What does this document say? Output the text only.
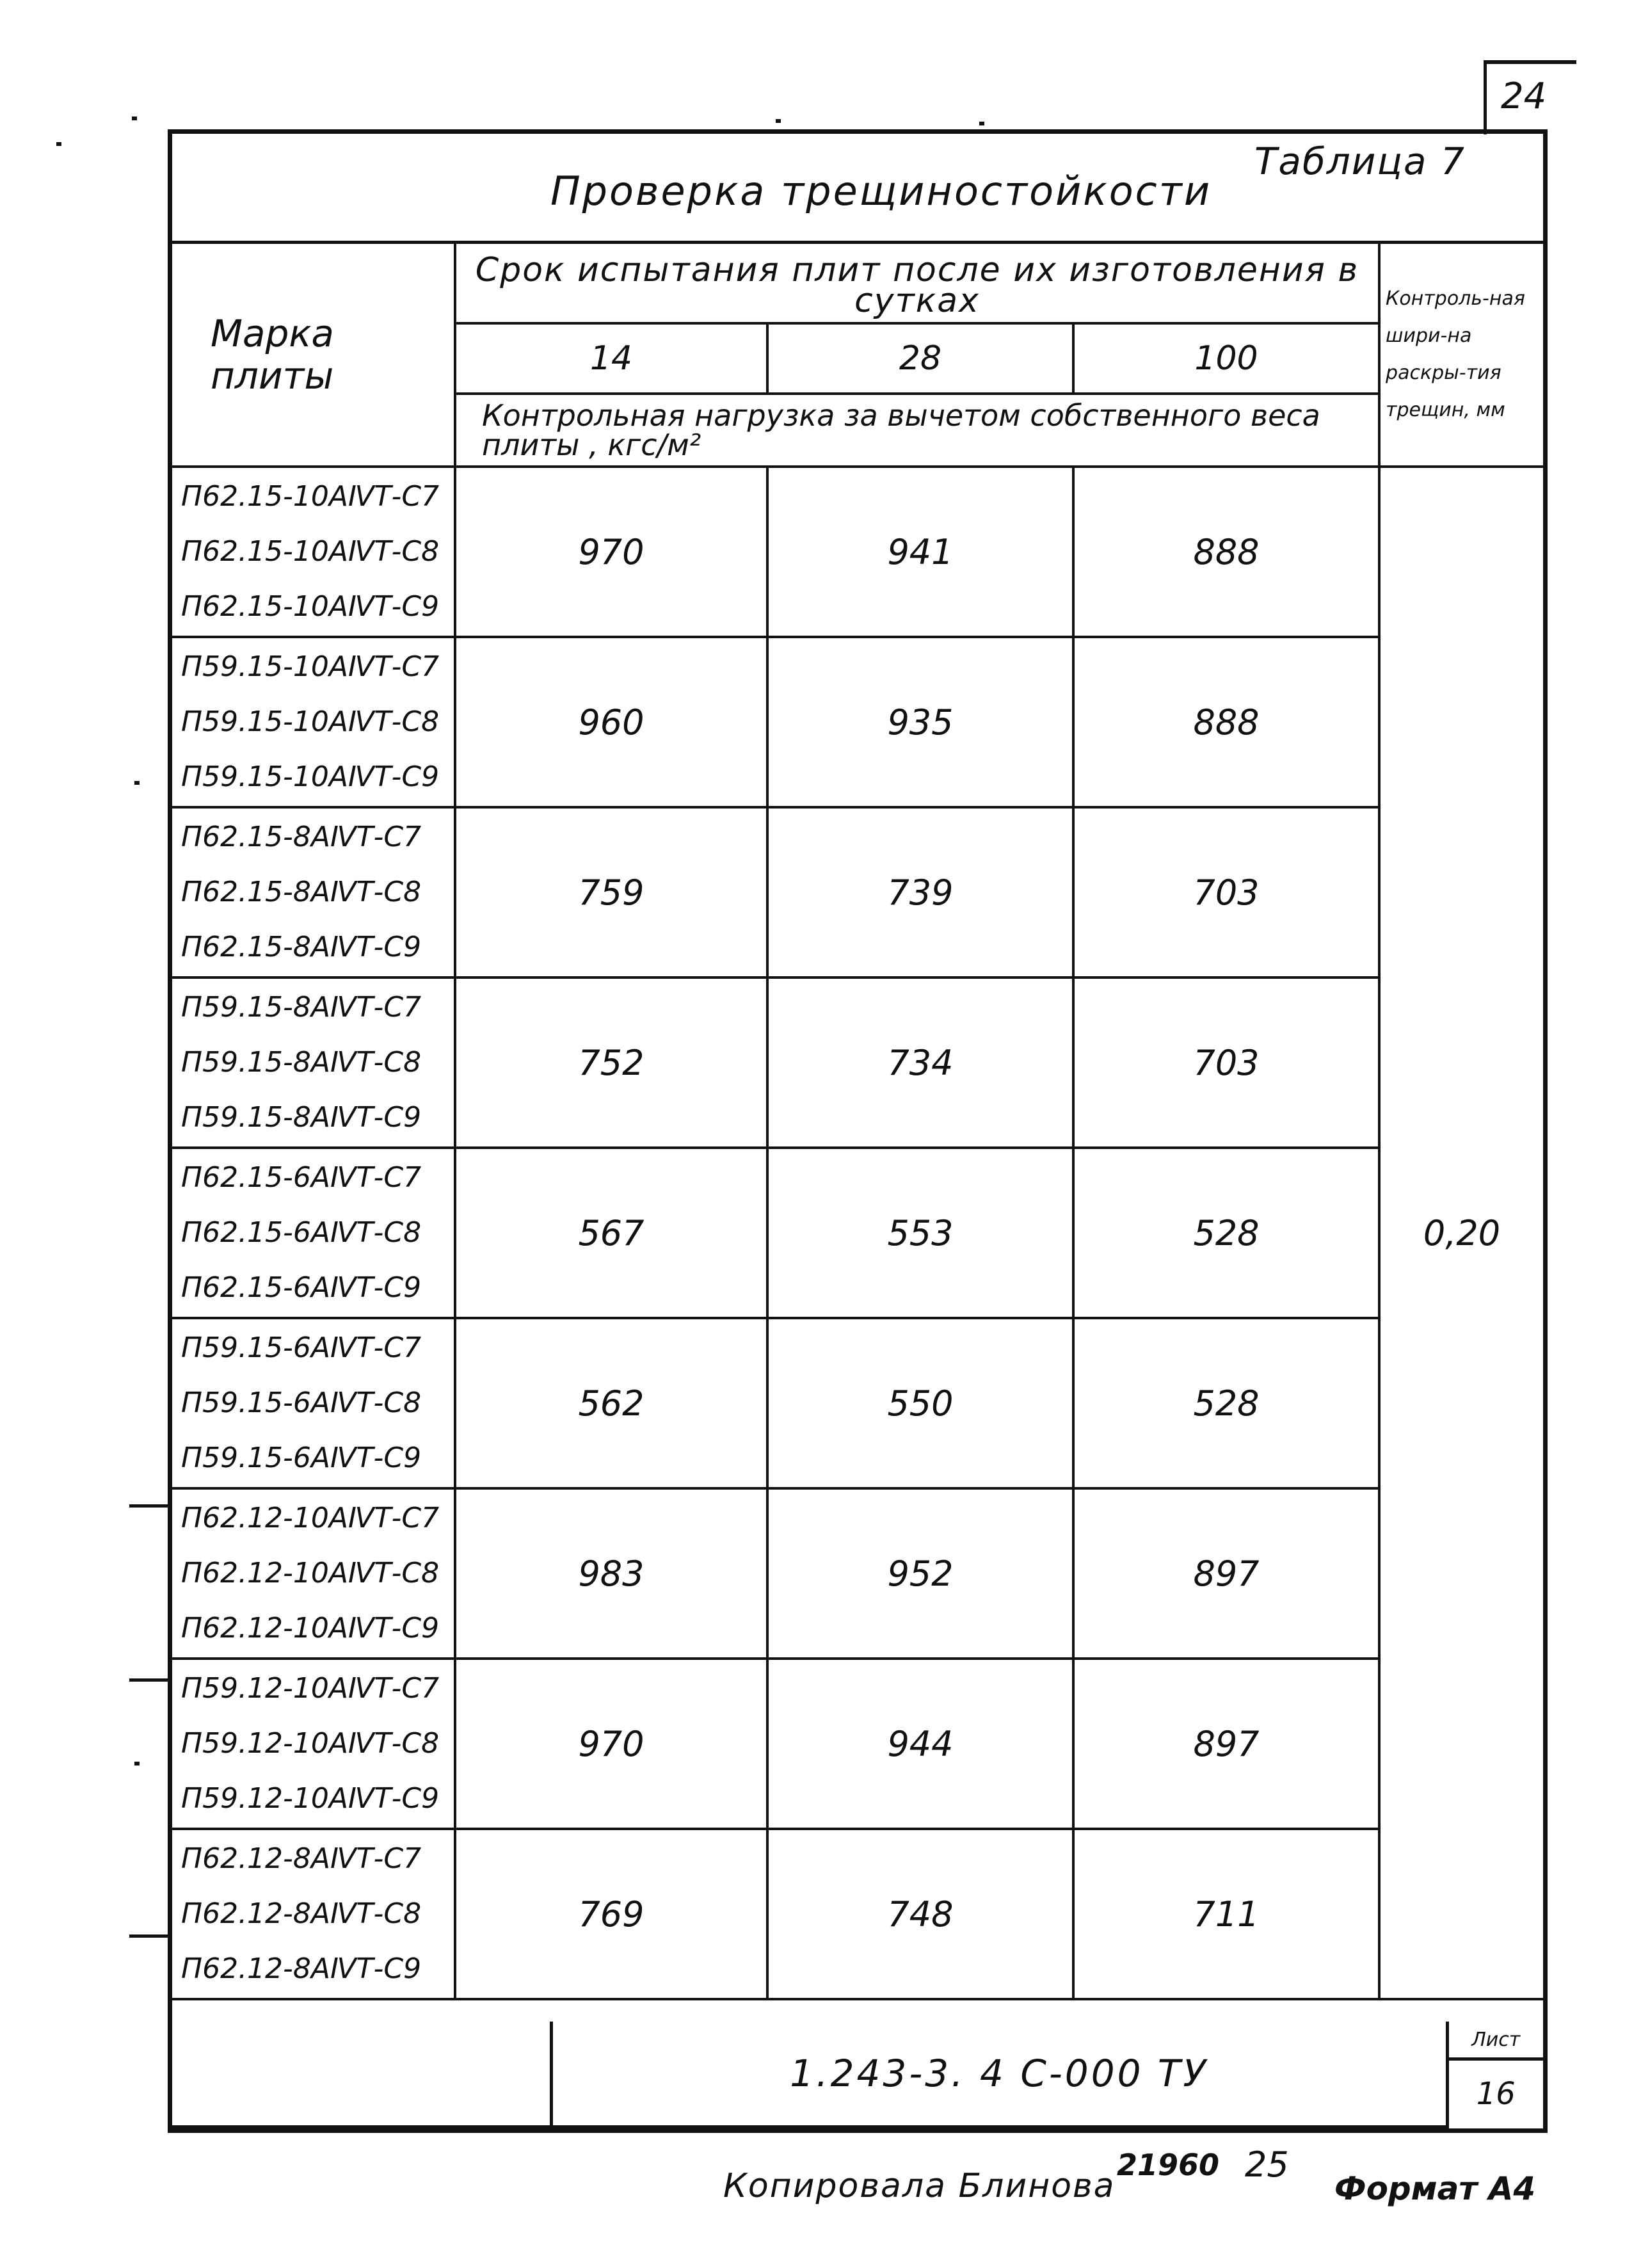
24
Проверка трещиностойкости
Таблица 7
Марка плиты	Срок испытания плит после их изготовления в сутках			Контроль-ная шири-на раскры-тия трещин, мм
	14	28	100	
	Контрольная нагрузка за вычетом собственного веса плиты , кгс/м²			

П62.15-10АⅣТ-С7
П62.15-10АⅣТ-С8
П62.15-10АⅣТ-С9	970	941	888	0,20

П59.15-10АⅣТ-С7
П59.15-10АⅣТ-С8
П59.15-10АⅣТ-С9	960	935	888	

П62.15-8АⅣТ-С7
П62.15-8АⅣТ-С8
П62.15-8АⅣТ-С9	759	739	703	

П59.15-8АⅣТ-С7
П59.15-8АⅣТ-С8
П59.15-8АⅣТ-С9	752	734	703	

П62.15-6АⅣТ-С7
П62.15-6АⅣТ-С8
П62.15-6АⅣТ-С9	567	553	528	

П59.15-6АⅣТ-С7
П59.15-6АⅣТ-С8
П59.15-6АⅣТ-С9	562	550	528	

П62.12-10АⅣТ-С7
П62.12-10АⅣТ-С8
П62.12-10АⅣТ-С9	983	952	897	

П59.12-10АⅣТ-С7
П59.12-10АⅣТ-С8
П59.12-10АⅣТ-С9	970	944	897	

П62.12-8АⅣТ-С7
П62.12-8АⅣТ-С8
П62.12-8АⅣТ-С9	769	748	711	
	1.243-3. 4 С-000 ТУ	Лист
16
Копировала Блинова
21960 25
Формат А4
